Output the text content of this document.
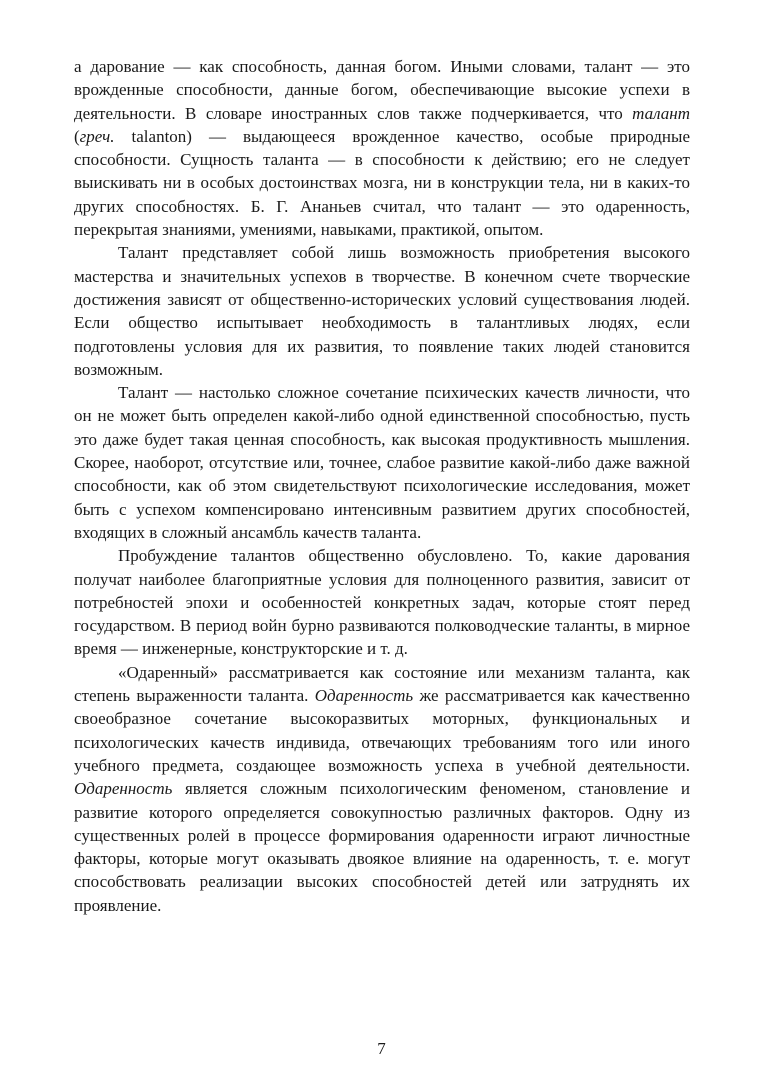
а дарование — как способность, данная богом. Иными словами, талант — это врожденные способности, данные богом, обеспечивающие высокие успехи в деятельности. В словаре иностранных слов также подчеркивается, что талант (греч. talanton) — выдающееся врожденное качество, особые природные способности. Сущность таланта — в способности к действию; его не следует выискивать ни в особых достоинствах мозга, ни в конструкции тела, ни в каких-то других способностях. Б. Г. Ананьев считал, что талант — это одаренность, перекрытая знаниями, умениями, навыками, практикой, опытом.

Талант представляет собой лишь возможность приобретения высокого мастерства и значительных успехов в творчестве. В конечном счете творческие достижения зависят от общественно-исторических условий существования людей. Если общество испытывает необходимость в талантливых людях, если подготовлены условия для их развития, то появление таких людей становится возможным.

Талант — настолько сложное сочетание психических качеств личности, что он не может быть определен какой-либо одной единственной способностью, пусть это даже будет такая ценная способность, как высокая продуктивность мышления. Скорее, наоборот, отсутствие или, точнее, слабое развитие какой-либо даже важной способности, как об этом свидетельствуют психологические исследования, может быть с успехом компенсировано интенсивным развитием других способностей, входящих в сложный ансамбль качеств таланта.

Пробуждение талантов общественно обусловлено. То, какие дарования получат наиболее благоприятные условия для полноценного развития, зависит от потребностей эпохи и особенностей конкретных задач, которые стоят перед государством. В период войн бурно развиваются полководческие таланты, в мирное время — инженерные, конструкторские и т. д.

«Одаренный» рассматривается как состояние или механизм таланта, как степень выраженности таланта. Одаренность же рассматривается как качественно своеобразное сочетание высокоразвитых моторных, функциональных и психологических качеств индивида, отвечающих требованиям того или иного учебного предмета, создающее возможность успеха в учебной деятельности. Одаренность является сложным психологическим феноменом, становление и развитие которого определяется совокупностью различных факторов. Одну из существенных ролей в процессе формирования одаренности играют личностные факторы, которые могут оказывать двоякое влияние на одаренность, т. е. могут способствовать реализации высоких способностей детей или затруднять их проявление.

7
